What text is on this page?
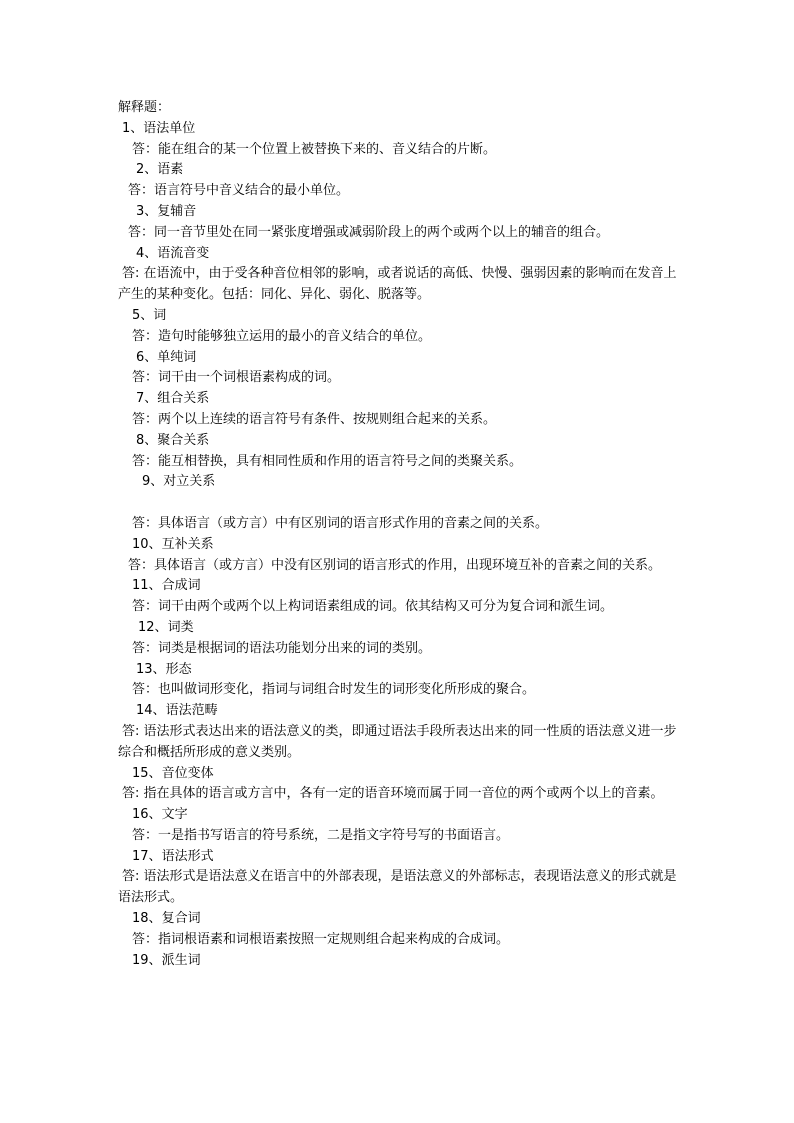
解释题：
1、语法单位
答：能在组合的某一个位置上被替换下来的、音义结合的片断。
2、语素
答：语言符号中音义结合的最小单位。
3、复辅音
答：同一音节里处在同一紧张度增强或减弱阶段上的两个或两个以上的辅音的组合。
4、语流音变
答: 在语流中，由于受各种音位相邻的影响，或者说话的高低、快慢、强弱因素的影响而在发音上产生的某种变化。包括：同化、异化、弱化、脱落等。
5、词
答：造句时能够独立运用的最小的音义结合的单位。
6、单纯词
答：词干由一个词根语素构成的词。
7、组合关系
答：两个以上连续的语言符号有条件、按规则组合起来的关系。
8、聚合关系
答：能互相替换，具有相同性质和作用的语言符号之间的类聚关系。
9、对立关系
答：具体语言（或方言）中有区别词的语言形式作用的音素之间的关系。
10、互补关系
答：具体语言（或方言）中没有区别词的语言形式的作用，出现环境互补的音素之间的关系。
11、合成词
答：词干由两个或两个以上构词语素组成的词。依其结构又可分为复合词和派生词。
12、词类
答：词类是根据词的语法功能划分出来的词的类别。
13、形态
答：也叫做词形变化，指词与词组合时发生的词形变化所形成的聚合。
14、语法范畴
答: 语法形式表达出来的语法意义的类，即通过语法手段所表达出来的同一性质的语法意义进一步综合和概括所形成的意义类别。
15、音位变体
答: 指在具体的语言或方言中，各有一定的语音环境而属于同一音位的两个或两个以上的音素。
16、文字
答：一是指书写语言的符号系统，二是指文字符号写的书面语言。
17、语法形式
答: 语法形式是语法意义在语言中的外部表现，是语法意义的外部标志，表现语法意义的形式就是语法形式。
18、复合词
答：指词根语素和词根语素按照一定规则组合起来构成的合成词。
19、派生词
